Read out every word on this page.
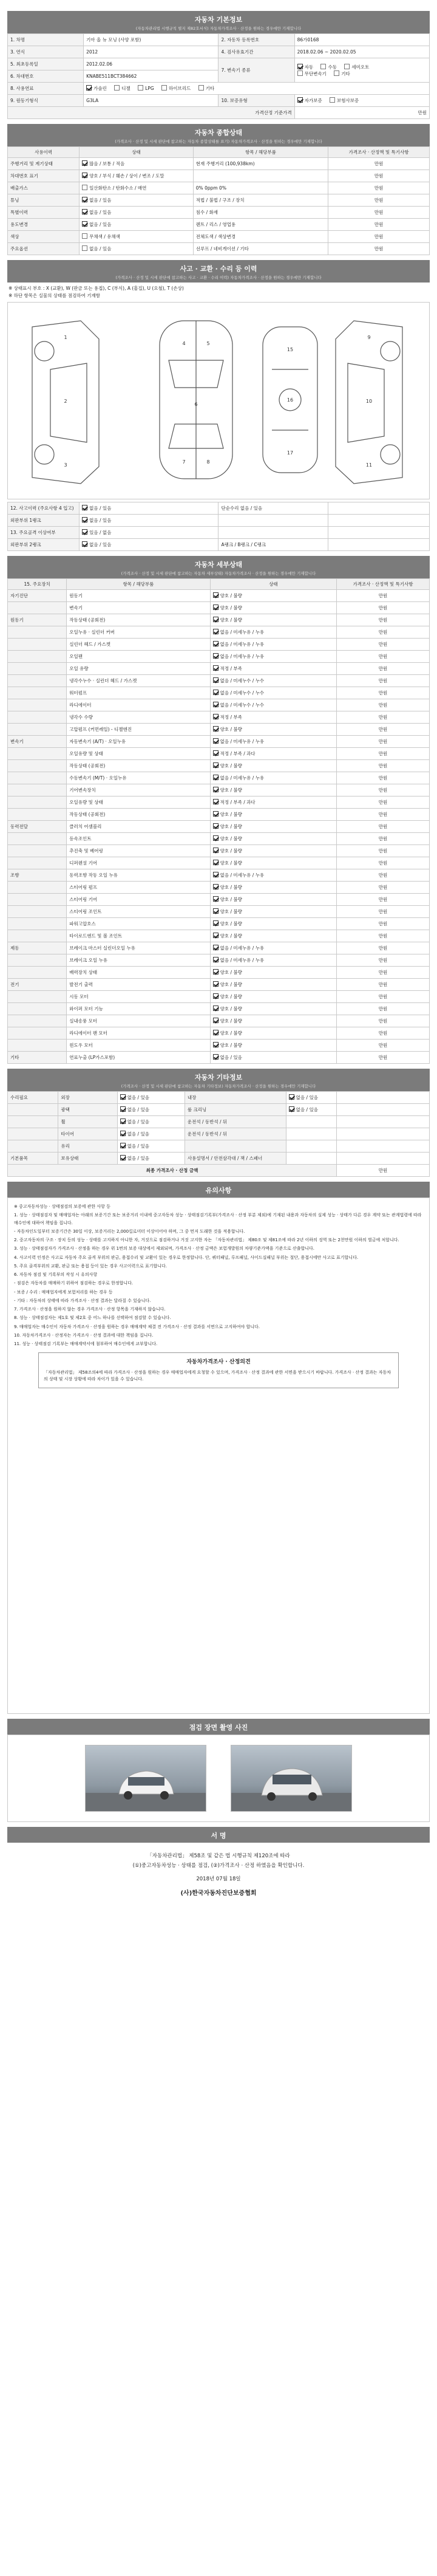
자동차 기본정보
(자동차관리법 시행규칙 별지 제82호서식) 자동차가격조사 · 산정을 원하는 경우에만 기재합니다
1. 차명	기아 올 뉴 모닝 (사양 포함)	2. 자동차 등록번호	86가0168
3. 연식	2012	4. 검사유효기간	2018.02.06 ~ 2020.02.05
5. 최초등록일	2012.02.06	7. 변속기 종류	자동 수동 세미오토
무단변속기 기타
6. 차대번호	KNABE511BCT384662		
8. 사용연료	가솔린 디젤 LPG 하이브리드 기타		
9. 원동기형식	G3LA	10. 보증유형	자가보증 보험사보증
가격산정 기준가격			만원
자동차 종합상태
(가격조사 · 산정 및 시세 판단에 참고하는 자동차 종합상태를 표기) 자동차가격조사 · 산정을 원하는 경우에만 기재합니다
사용이력	상태	항목 / 해당부품	가격조사 · 산정액 및 특기사항
주행거리 및 계기상태	많음 / 보통 / 적음	현재 주행거리 (100,938km)	만원
차대번호 표기	양호 / 부식 / 훼손 / 상이 / 변조 / 도말		만원
배출가스	일산화탄소 / 탄화수소 / 매연	0% 0ppm 0%	만원
튜닝	없음 / 있음	적법 / 불법 / 구조 / 장치	만원
특별이력	없음 / 있음	침수 / 화재	만원
용도변경	없음 / 있음	렌트 / 리스 / 영업용	만원
색상	무채색 / 유채색	전체도색 / 색상변경	만원
주요옵션	없음 / 있음	선루프 / 네비게이션 / 기타	만원
사고 · 교환 · 수리 등 이력
(가격조사 · 산정 및 시세 판단에 참고하는 사고 · 교환 · 수리 이력) 자동차가격조사 · 산정을 원하는 경우에만 기재합니다
※ 상태표시 부호 : X (교환), W (판금 또는 용접), C (부식), A (흠집), U (요철), T (손상)
※ 하단 항목은 실물의 상태를 점검하여 기재함
1
2
3
4	5
6
7	8
9
10
11
15
16
17
12. 사고이력 (주요사항 4 입고)	없음 / 있음	단순수리 없음 / 있음	
외판부위 1랭크	없음 / 있음		
13. 주요골격 이상여부	있음 / 없음		
외판부위 2랭크	없음 / 있음	A랭크 / B랭크 / C랭크	
자동차 세부상태
(가격조사 · 산정 및 시세 판단에 참고하는 자동차 세부상태) 자동차가격조사 · 산정을 원하는 경우에만 기재합니다
15. 주요장치	항목 / 해당부품	상태	가격조사 · 산정액 및 특기사항
자기진단	원동기	양호 / 불량	만원
	변속기	양호 / 불량	만원
원동기	작동상태 (공회전)	양호 / 불량	만원
	오일누유 · 실린더 커버	없음 / 미세누유 / 누유	만원
	실린더 헤드 / 가스켓	없음 / 미세누유 / 누유	만원
	오일팬	없음 / 미세누유 / 누유	만원
	오일 유량	적정 / 부족	만원
	냉각수누수 · 실린더 헤드 / 가스켓	없음 / 미세누수 / 누수	만원
	워터펌프	없음 / 미세누수 / 누수	만원
	라디에이터	없음 / 미세누수 / 누수	만원
	냉각수 수량	적정 / 부족	만원
	고압펌프 (커먼레일) - 디젤엔진	양호 / 불량	만원
변속기	자동변속기 (A/T) · 오일누유	없음 / 미세누유 / 누유	만원
	오일유량 및 상태	적정 / 부족 / 과다	만원
	작동상태 (공회전)	양호 / 불량	만원
	수동변속기 (M/T) · 오일누유	없음 / 미세누유 / 누유	만원
	기어변속장치	양호 / 불량	만원
	오일유량 및 상태	적정 / 부족 / 과다	만원
	작동상태 (공회전)	양호 / 불량	만원
동력전달	클러치 어셈블리	양호 / 불량	만원
	등속조인트	양호 / 불량	만원
	추진축 및 베어링	양호 / 불량	만원
	디퍼렌셜 기어	양호 / 불량	만원
조향	동력조향 작동 오일 누유	없음 / 미세누유 / 누유	만원
	스티어링 펌프	양호 / 불량	만원
	스티어링 기어	양호 / 불량	만원
	스티어링 조인트	양호 / 불량	만원
	파워고압호스	양호 / 불량	만원
	타이로드엔드 및 볼 조인트	양호 / 불량	만원
제동	브레이크 마스터 실린더오일 누유	없음 / 미세누유 / 누유	만원
	브레이크 오일 누유	없음 / 미세누유 / 누유	만원
	배력장치 상태	양호 / 불량	만원
전기	발전기 출력	양호 / 불량	만원
	시동 모터	양호 / 불량	만원
	와이퍼 모터 기능	양호 / 불량	만원
	실내송풍 모터	양호 / 불량	만원
	라디에이터 팬 모터	양호 / 불량	만원
	윈도우 모터	양호 / 불량	만원
기타	연료누출 (LP가스포함)	없음 / 있음	만원
자동차 기타정보
(가격조사 · 산정 및 시세 판단에 참고하는 자동차 기타정보) 자동차가격조사 · 산정을 원하는 경우에만 기재합니다
수리필요	외장	없음 / 있음	내장	없음 / 있음	
	광택	없음 / 있음	룸 크리닝	없음 / 있음	
	휠	없음 / 있음	운전석 / 동반석 / 뒤		
	타이어	없음 / 있음	운전석 / 동반석 / 뒤		
	유리	없음 / 있음			
기본품목	보유상태	없음 / 있음	사용설명서 / 안전삼각대 / 잭 / 스패너		
최종 가격조사 · 산정 금액					만원
유의사항

※ 중고자동차성능 · 상태점검의 보증에 관한 사항 등

1. 성능 · 상태점검자 및 매매업자는 아래의 보증기간 또는 보증거리 이내에 중고자동차 성능 · 상태점검기록부(가격조사 · 산정 부분 제외)에 기재된 내용과 자동차의 실제 성능 · 상태가 다른 경우 계약 또는 관계법령에 따라 매수인에 대하여 책임을 집니다.

- 자동차인도일부터 보증기간은 30일 이상, 보증거리는 2,000킬로미터 이상이어야 하며, 그 중 먼저 도래한 것을 적용합니다.

2. 중고자동차의 구조 · 장치 등의 성능 · 상태를 고지하지 아니한 자, 거짓으로 점검하거나 거짓 고지한 자는 「자동차관리법」 제80조 및 제81조에 따라 2년 이하의 징역 또는 2천만원 이하의 벌금에 처합니다.

3. 성능 · 상태점검자가 가격조사 · 산정을 하는 경우 위 1번의 보증 대상에서 제외되며, 가격조사 · 산정 금액은 보험개발원의 차량기준가액을 기준으로 산출합니다.

4. 사고이력 인정은 사고로 자동차 주요 골격 부위의 판금, 용접수리 및 교환이 있는 경우로 한정합니다. 단, 쿼터패널, 루프패널, 사이드실패널 부위는 절단, 용접시에만 사고로 표기합니다.

5. 주요 골격부위의 교환, 판금 또는 용접 등이 있는 경우 사고이력으로 표기합니다.

6. 자동차 점검 및 기록부의 작성 시 유의사항

- 점검은 자동차를 매매하기 위하여 점검하는 경우로 한정합니다.

- 보증 / 수리 : 매매업자에게 보험처리를 하는 경우 등

- 기타 : 자동차의 상태에 따라 가격조사 · 산정 결과는 달라질 수 있습니다.

7. 가격조사 · 산정을 원하지 않는 경우 가격조사 · 산정 항목을 기재하지 않습니다.

8. 성능 · 상태점검자는 제1호 및 제2호 중 어느 하나를 선택하여 점검할 수 있습니다.

9. 매매업자는 매수인이 자동차 가격조사 · 산정을 원하는 경우 매매계약 체결 전 가격조사 · 산정 결과를 서면으로 고지하여야 합니다.

10. 자동차가격조사 · 산정자는 가격조사 · 산정 결과에 대한 책임을 집니다.

11. 성능 · 상태점검 기록부는 매매계약서에 첨부하여 매수인에게 교부합니다.

자동차가격조사 · 산정의견
「자동차관리법」 제58조의4에 따라 가격조사 · 산정을 원하는 경우 매매업자에게 요청할 수 있으며, 가격조사 · 산정 결과에 관한 서면을 받으시기 바랍니다. 가격조사 · 산정 결과는 자동차의 상태 및 시장 상황에 따라 차이가 있을 수 있습니다.
점검 장면 촬영 사진
서 명
「자동차관리법」 제58조 및 같은 법 시행규칙 제120조에 따라
(①)중고자동차성능 · 상태를 점검, (②)가격조사 · 산정 하였음을 확인합니다.
2018년 07월 18일
(사)한국자동차진단보증협회
